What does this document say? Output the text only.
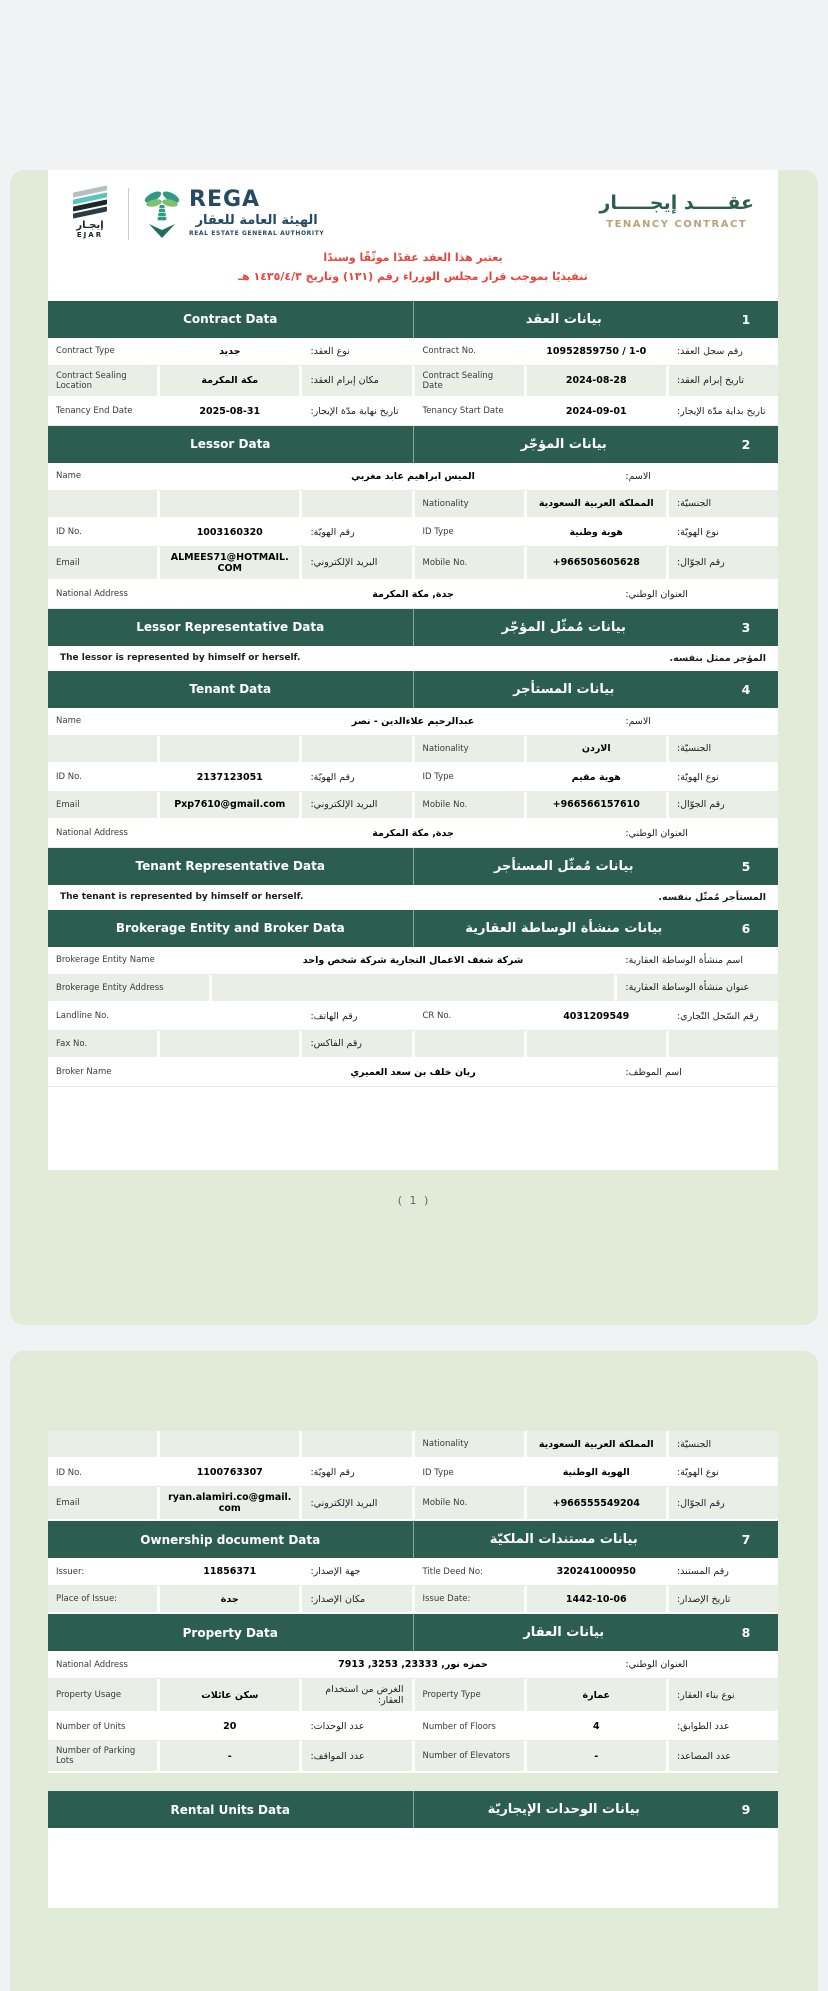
إيجـار
EJAR
REGA
الهيئة العامة للعقار
REAL ESTATE GENERAL AUTHORITY
عقـــــد إيجـــــار
TENANCY CONTRACT
يعتبر هذا العقد عقدًا موثّقًا وسندًا
تنفيذيًا بموجب قرار مجلس الوزراء رقم (١٣١) وتاريخ ١٤٣٥/٤/٣ هـ
Contract Data	بيانات العقد	1
Contract Type	جديد	نوع العقد:	Contract No.	10952859750 / 1-0	رقم سجل العقد:
Contract Sealing Location	مكة المكرمة	مكان إبرام العقد:	Contract Sealing Date	2024-08-28	تاريخ إبرام العقد:
Tenancy End Date	2025-08-31	تاريخ نهاية مدّة الإيجار:	Tenancy Start Date	2024-09-01	تاريخ بداية مدّة الإيجار:
Lessor Data	بيانات المؤجّر	2
Name	الميس ابراهيم عابد مغربي	الاسم:
Nationality	المملكة العربية السعودية	الجنسيّة:
ID No.	1003160320	رقم الهويّة:	ID Type	هوية وطنية	نوع الهويّة:
Email	ALMEES71@HOTMAIL.COM	البريد الإلكتروني:	Mobile No.	+966505605628	رقم الجوّال:
National Address	جدة, مكة المكرمة	العنوان الوطني:
Lessor Representative Data	بيانات مُمثّل المؤجّر	3
The lessor is represented by himself or herself.	المؤجر ممثل بنفسه.
Tenant Data	بيانات المستأجر	4
Name	عبدالرحيم علاءالدين - نصر	الاسم:
Nationality	الاردن	الجنسيّة:
ID No.	2137123051	رقم الهويّة:	ID Type	هوية مقيم	نوع الهويّة:
Email	Pxp7610@gmail.com	البريد الإلكتروني:	Mobile No.	+966566157610	رقم الجوّال:
National Address	جدة, مكة المكرمة	العنوان الوطني:
Tenant Representative Data	بيانات مُمثّل المستأجر	5
The tenant is represented by himself or herself.	المستأجر مُمثّل بنفسه.
Brokerage Entity and Broker Data	بيانات منشأة الوساطة العقارية	6
Brokerage Entity Name	شركة شغف الاعمال التجارية شركة شخص واحد	اسم منشأة الوساطة العقارية:
Brokerage Entity Address	عنوان منشأة الوساطة العقارية:
Landline No.	رقم الهاتف:	CR No.	4031209549	رقم السّجل التّجاري:
Fax No.	رقم الفاكس:
Broker Name	ريان خلف بن سعد العميري	اسم الموظف:
( 1 )
Nationality	المملكة العربية السعودية	الجنسيّة:
ID No.	1100763307	رقم الهويّة:	ID Type	الهوية الوطنية	نوع الهويّة:
Email	ryan.alamiri.co@gmail.com	البريد الإلكتروني:	Mobile No.	+966555549204	رقم الجوّال:
Ownership document Data	بيانات مستندات الملكيّة	7
Issuer:	11856371	جهة الإصدار:	Title Deed No:	320241000950	رقم المستند:
Place of Issue:	جدة	مكان الإصدار:	Issue Date:	1442-10-06	تاريخ الإصدار:
Property Data	بيانات العقار	8
National Address	حمزه نور, 23333, 3253, 7913	العنوان الوطني:
Property Usage	سكن عائلات	الغرض من استخدام العقار:	Property Type	عمارة	نوع بناء العقار:
Number of Units	20	عدد الوحدات:	Number of Floors	4	عدد الطوابق:
Number of Parking Lots	-	عدد المواقف:	Number of Elevators	-	عدد المصاعد:
Rental Units Data	بيانات الوحدات الإيجاريّة	9
